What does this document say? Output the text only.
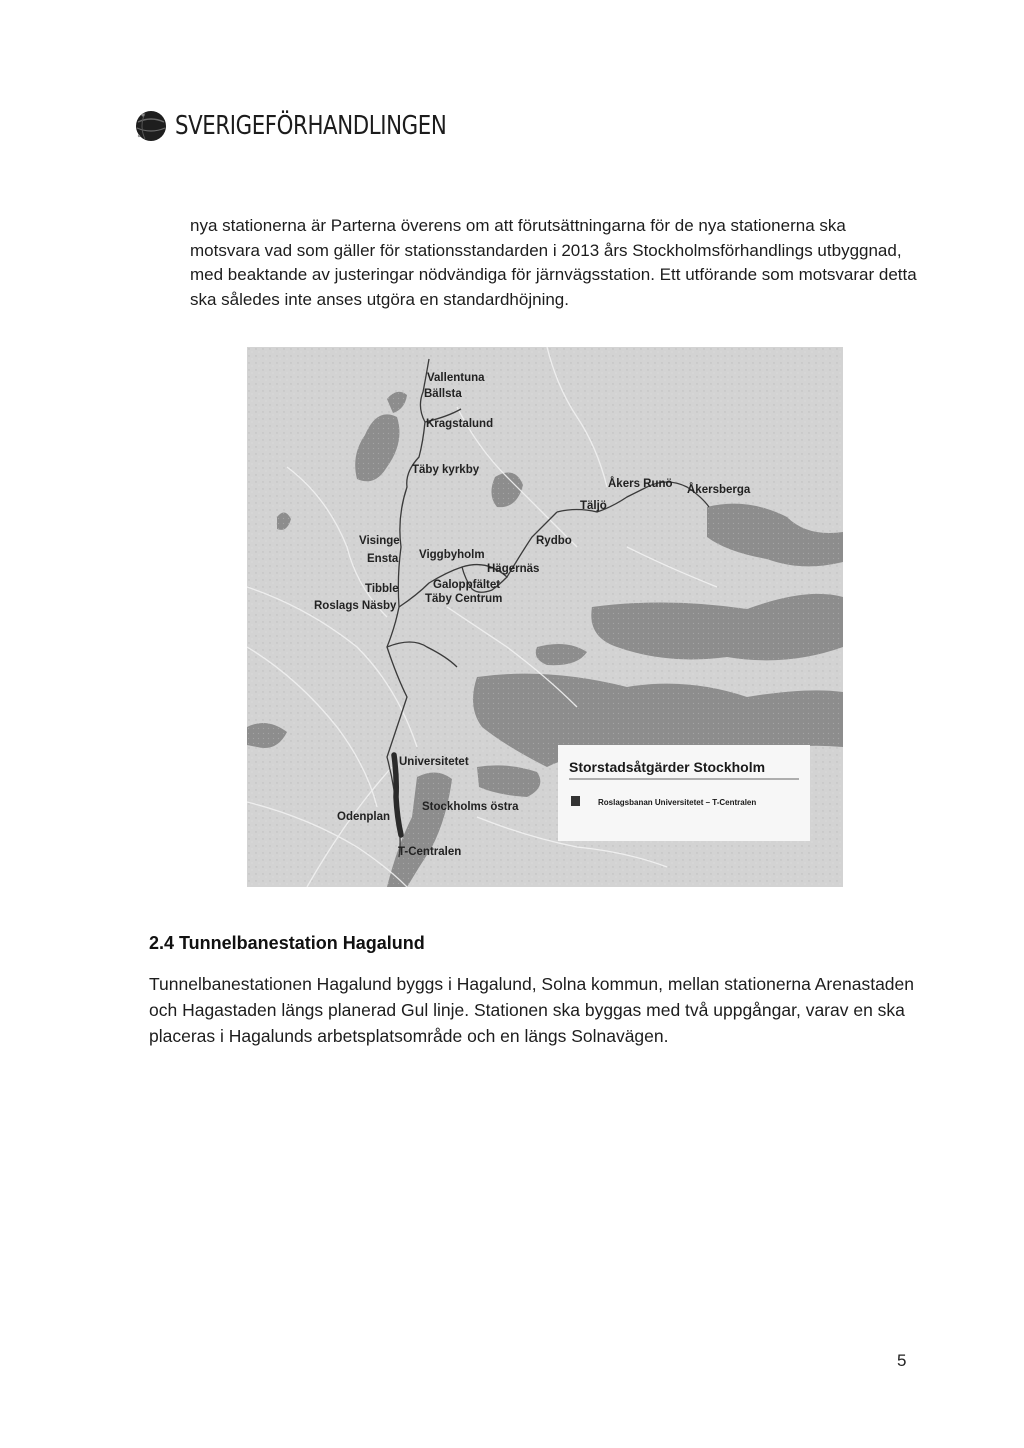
SVERIGEFÖRHANDLINGEN

nya stationerna är Parterna överens om att förutsättningarna för de nya stationerna ska motsvara vad som gäller för stationsstandarden i 2013 års Stockholmsförhandlings utbyggnad, med beaktande av justeringar nödvändiga för järnvägsstation. Ett utförande som motsvarar detta ska således inte anses utgöra en standardhöjning.

Vallentuna
Bällsta
Kragstalund
Täby kyrkby
Åkers Runö Åkersberga
Täljö
Visinge
Ensta Viggbyholm
Rydbo
Hägernäs
Tibble	Galoppfältet
Roslags Näsby
Täby Centrum
Universitetet
Stockholms östra
Odenplan
T-Centralen
Storstadsåtgärder Stockholm
Roslagsbanan Universitetet – T-Centralen
2.4 Tunnelbanestation Hagalund

Tunnelbanestationen Hagalund byggs i Hagalund, Solna kommun, mellan stationerna Arenastaden och Hagastaden längs planerad Gul linje. Stationen ska byggas med två uppgångar, varav en ska placeras i Hagalunds arbetsplatsområde och en längs Solnavägen.

5
